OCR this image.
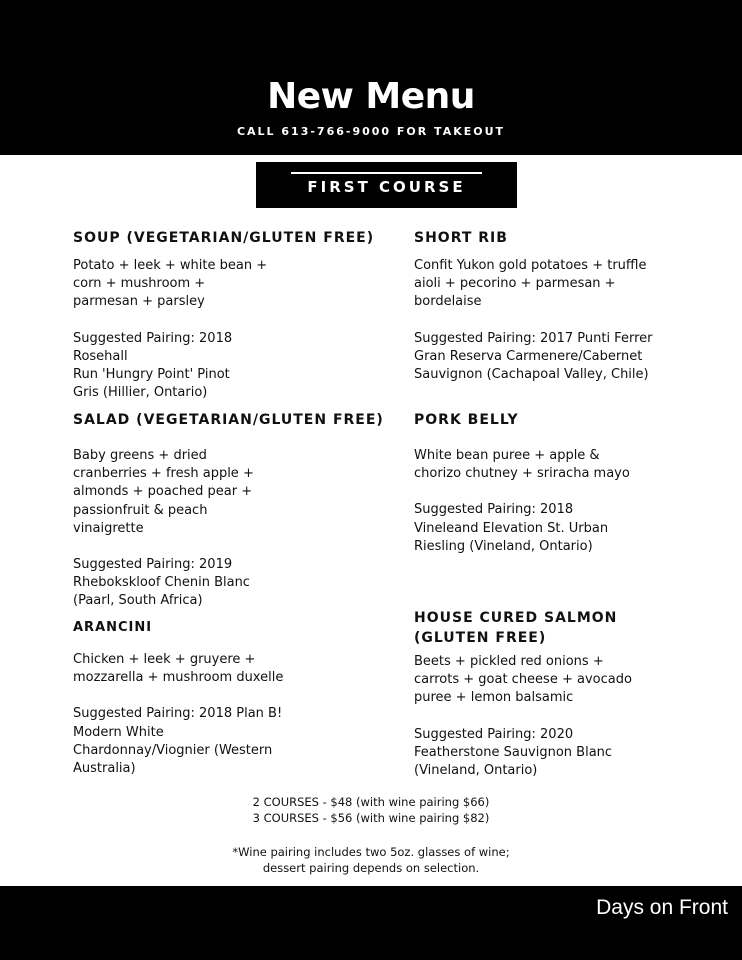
New Menu
CALL 613-766-9000 FOR TAKEOUT
FIRST COURSE
SOUP (VEGETARIAN/GLUTEN FREE)

Potato + leek + white bean +
corn + mushroom +
parmesan + parsley

Suggested Pairing: 2018
Rosehall
Run 'Hungry Point' Pinot
Gris (Hillier, Ontario)

SALAD (VEGETARIAN/GLUTEN FREE)

Baby greens + dried
cranberries + fresh apple +
almonds + poached pear +
passionfruit & peach
vinaigrette

Suggested Pairing: 2019
Rhebokskloof Chenin Blanc
(Paarl, South Africa)

ARANCINI

Chicken + leek + gruyere +
mozzarella + mushroom duxelle

Suggested Pairing: 2018 Plan B!
Modern White
Chardonnay/Viognier (Western
Australia)

SHORT RIB

Confit Yukon gold potatoes + truffle
aioli + pecorino + parmesan +
bordelaise

Suggested Pairing: 2017 Punti Ferrer
Gran Reserva Carmenere/Cabernet
Sauvignon (Cachapoal Valley, Chile)

PORK BELLY

White bean puree + apple &
chorizo chutney + sriracha mayo

Suggested Pairing: 2018
Vineleand Elevation St. Urban
Riesling (Vineland, Ontario)

HOUSE CURED SALMON
(GLUTEN FREE)

Beets + pickled red onions +
carrots + goat cheese + avocado
puree + lemon balsamic

Suggested Pairing: 2020
Featherstone Sauvignon Blanc
(Vineland, Ontario)

2 COURSES - $48 (with wine pairing $66)
3 COURSES - $56 (with wine pairing $82)
*Wine pairing includes two 5oz. glasses of wine;
dessert pairing depends on selection.
Days on Front
